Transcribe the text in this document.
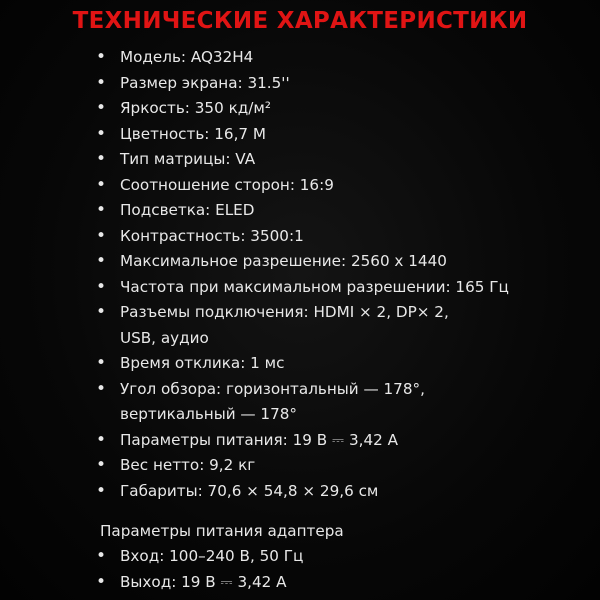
ТЕХНИЧЕСКИЕ ХАРАКТЕРИСТИКИ
• Модель: AQ32H4
• Размер экрана: 31.5''
• Яркость: 350 кд/м²
• Цветность: 16,7 М
• Тип матрицы: VA
• Соотношение сторон: 16:9
• Подсветка: ELED
• Контрастность: 3500:1
• Максимальное разрешение: 2560 x 1440
• Частота при максимальном разрешении: 165 Гц
• Разъемы подключения: HDMI × 2, DP× 2,
USB, аудио
• Время отклика: 1 мс
• Угол обзора: горизонтальный — 178°,
вертикальный — 178°
• Параметры питания: 19 В ⎓ 3,42 А
• Вес нетто: 9,2 кг
• Габариты: 70,6 × 54,8 × 29,6 см
Параметры питания адаптера
• Вход: 100–240 В, 50 Гц
• Выход: 19 В ⎓ 3,42 А
